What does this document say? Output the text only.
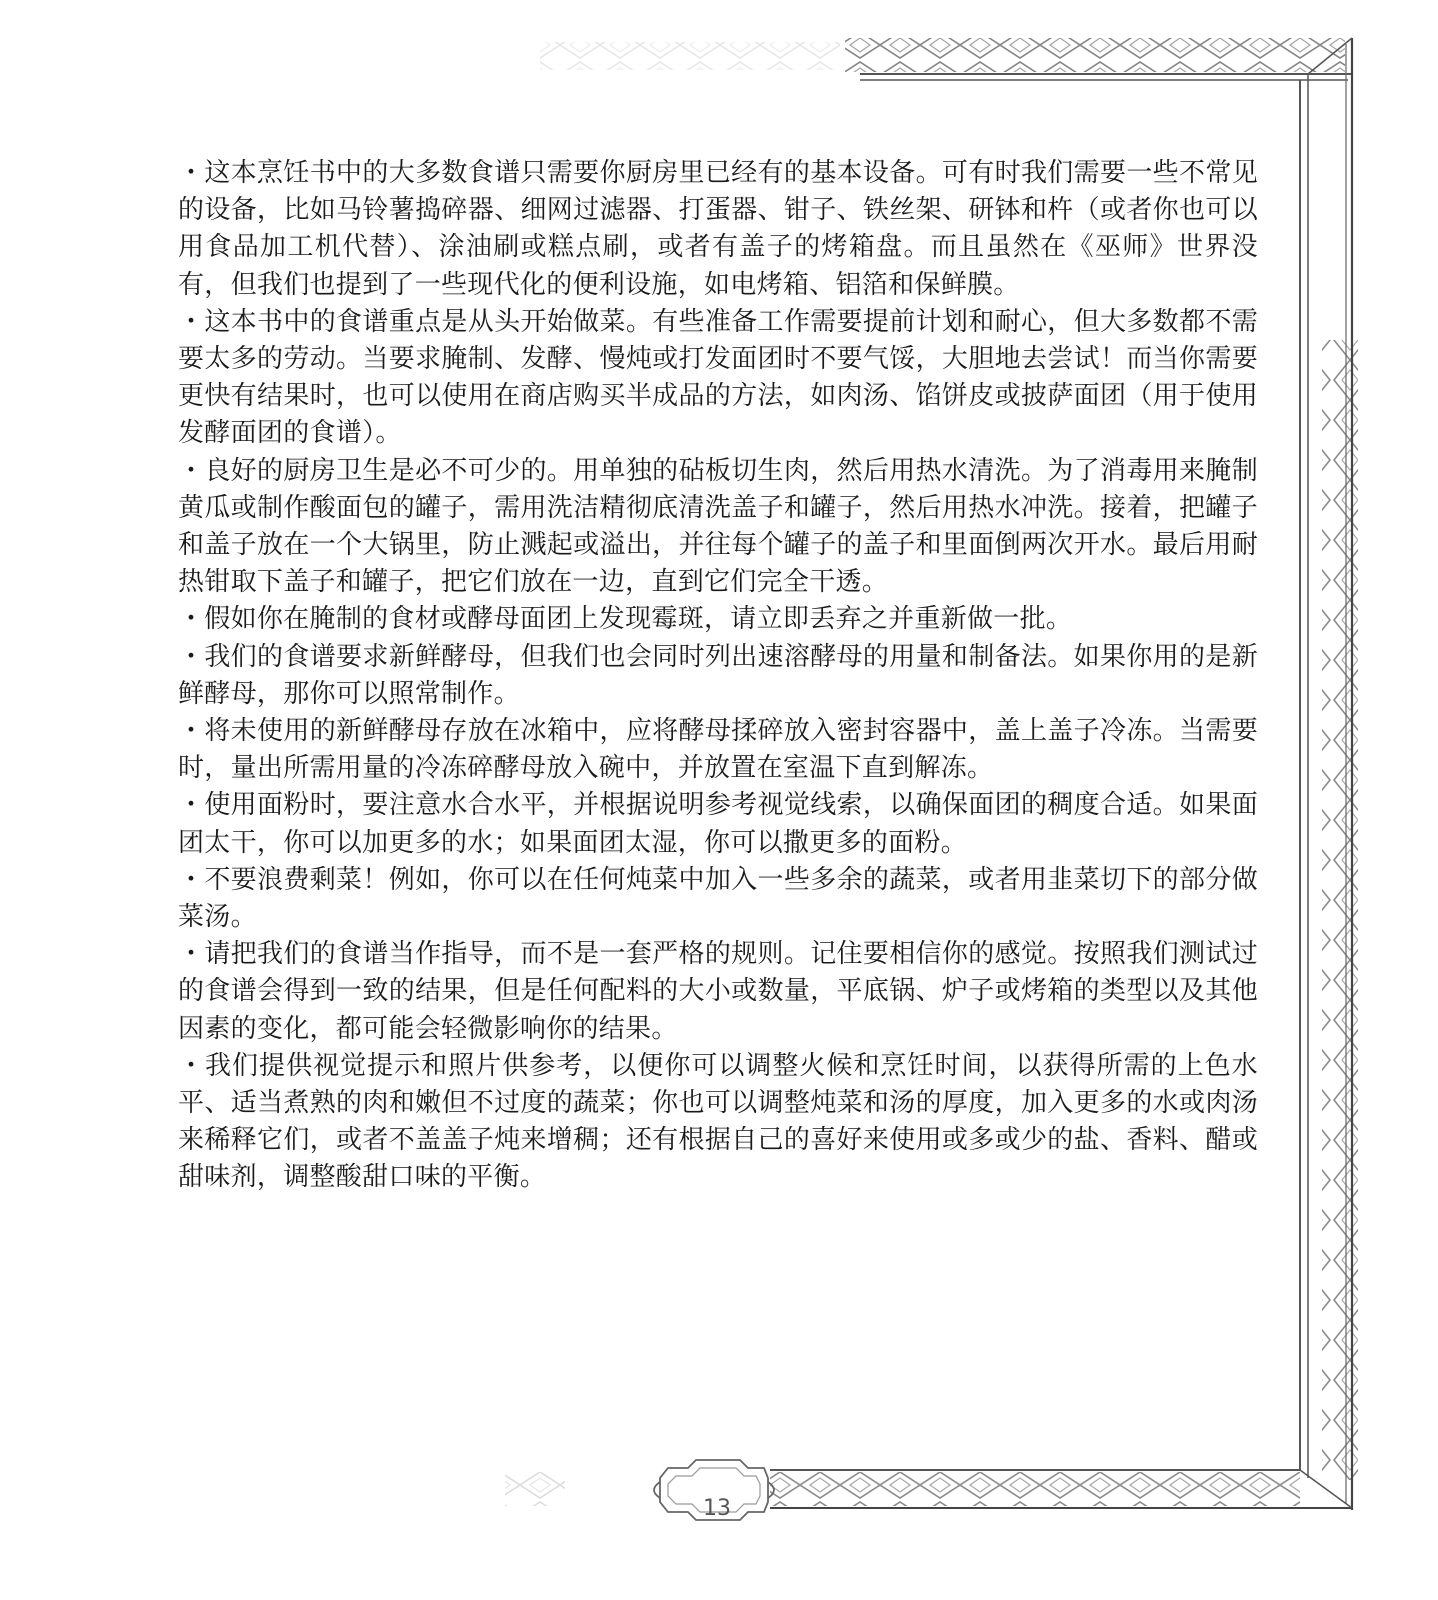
・这本烹饪书中的大多数食谱只需要你厨房里已经有的基本设备。可有时我们需要一些不常见的设备，比如马铃薯捣碎器、细网过滤器、打蛋器、钳子、铁丝架、研钵和杵（或者你也可以用食品加工机代替）、涂油刷或糕点刷，或者有盖子的烤箱盘。而且虽然在《巫师》世界没有，但我们也提到了一些现代化的便利设施，如电烤箱、铝箔和保鲜膜。

・这本书中的食谱重点是从头开始做菜。有些准备工作需要提前计划和耐心，但大多数都不需要太多的劳动。当要求腌制、发酵、慢炖或打发面团时不要气馁，大胆地去尝试！而当你需要更快有结果时，也可以使用在商店购买半成品的方法，如肉汤、馅饼皮或披萨面团（用于使用发酵面团的食谱）。

・良好的厨房卫生是必不可少的。用单独的砧板切生肉，然后用热水清洗。为了消毒用来腌制黄瓜或制作酸面包的罐子，需用洗洁精彻底清洗盖子和罐子，然后用热水冲洗。接着，把罐子和盖子放在一个大锅里，防止溅起或溢出，并往每个罐子的盖子和里面倒两次开水。最后用耐热钳取下盖子和罐子，把它们放在一边，直到它们完全干透。

・假如你在腌制的食材或酵母面团上发现霉斑，请立即丢弃之并重新做一批。

・我们的食谱要求新鲜酵母，但我们也会同时列出速溶酵母的用量和制备法。如果你用的是新鲜酵母，那你可以照常制作。

・将未使用的新鲜酵母存放在冰箱中，应将酵母揉碎放入密封容器中，盖上盖子冷冻。当需要时，量出所需用量的冷冻碎酵母放入碗中，并放置在室温下直到解冻。

・使用面粉时，要注意水合水平，并根据说明参考视觉线索，以确保面团的稠度合适。如果面团太干，你可以加更多的水；如果面团太湿，你可以撒更多的面粉。

・不要浪费剩菜！例如，你可以在任何炖菜中加入一些多余的蔬菜，或者用韭菜切下的部分做菜汤。

・请把我们的食谱当作指导，而不是一套严格的规则。记住要相信你的感觉。按照我们测试过的食谱会得到一致的结果，但是任何配料的大小或数量，平底锅、炉子或烤箱的类型以及其他因素的变化，都可能会轻微影响你的结果。

・我们提供视觉提示和照片供参考，以便你可以调整火候和烹饪时间，以获得所需的上色水平、适当煮熟的肉和嫩但不过度的蔬菜；你也可以调整炖菜和汤的厚度，加入更多的水或肉汤来稀释它们，或者不盖盖子炖来增稠；还有根据自己的喜好来使用或多或少的盐、香料、醋或甜味剂，调整酸甜口味的平衡。

13
